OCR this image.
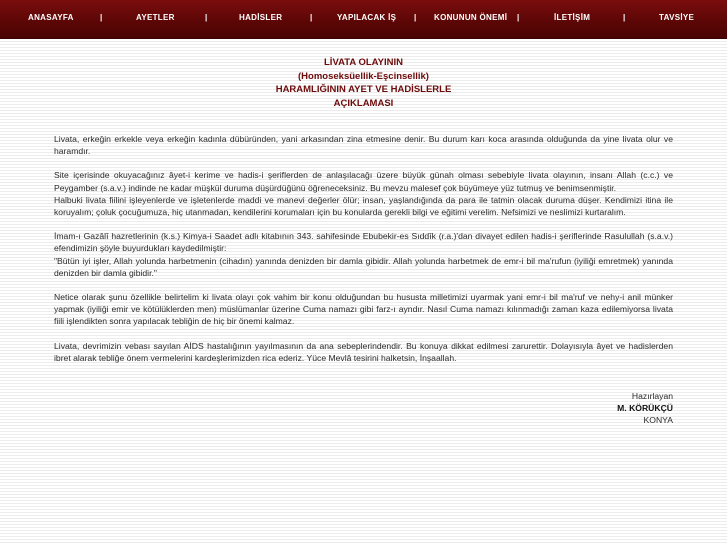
ANASAYFA	|	AYETLER	|	HADİSLER	|	YAPILACAK İŞ | KONUNUN ÖNEMİ |	İLETİŞİM	|	TAVSİYE
LİVATA OLAYININ
(Homoseksüellik-Eşcinsellik)
HARAMLIĞININ AYET VE HADİSLERLE
AÇIKLAMASI

Livata, erkeğin erkekle veya erkeğin kadınla dübüründen, yani arkasından zina etmesine denir. Bu durum karı koca arasında olduğunda da yine livata olur ve haramdır.

Site içerisinde okuyacağınız âyet-i kerime ve hadis-i şeriflerden de anlaşılacağı üzere büyük günah olması sebebiyle livata olayının, insanı Allah (c.c.) ve Peygamber (s.a.v.) indinde ne kadar müşkül duruma düşürdüğünü öğreneceksiniz. Bu mevzu malesef çok büyümeye yüz tutmuş ve benimsenmiştir.

Halbuki livata fiilini işleyenlerde ve işletenlerde maddi ve manevi değerler ölür; insan, yaşlandığında da para ile tatmin olacak duruma düşer. Kendimizi itina ile koruyalım; çoluk çocuğumuza, hiç utanmadan, kendilerini korumaları için bu konularda gerekli bilgi ve eğitimi verelim. Nefsimizi ve neslimizi kurtaralım.

İmam-ı Gazâlî hazretlerinin (k.s.) Kimya-i Saadet adlı kitabının 343. sahifesinde Ebubekir-es Sıddîk (r.a.)'dan divayet edilen hadis-i şeriflerinde Rasulullah (s.a.v.) efendimizin şöyle buyurdukları kaydedilmiştir:

"Bütün iyi işler, Allah yolunda harbetmenin (cihadın) yanında denizden bir damla gibidir. Allah yolunda harbetmek de emr-i bil ma'rufun (iyiliği emretmek) yanında denizden bir damla gibidir."

Netice olarak şunu özellikle belirtelim ki livata olayı çok vahim bir konu olduğundan bu hususta milletimizi uyarmak yani emr-i bil ma'ruf ve nehy-i anil münker yapmak (iyiliği emir ve kötülüklerden men) müslümanlar üzerine Cuma namazı gibi farz-ı ayndır. Nasıl Cuma namazı kılınmadığı zaman kaza edilemiyorsa livata fiili işlendikten sonra yapılacak tebliğin de hiç bir önemi kalmaz.

Livata, devrimizin vebası sayılan AİDS hastalığının yayılmasının da ana sebeplerindendir. Bu konuya dikkat edilmesi zarurettir. Dolayısıyla âyet ve hadislerden ibret alarak tebliğe önem vermelerini kardeşlerimizden rica ederiz. Yüce Mevlâ tesirini halketsin, İnşaallah.

Hazırlayan
M. KÖRÜKÇÜ
KONYA
